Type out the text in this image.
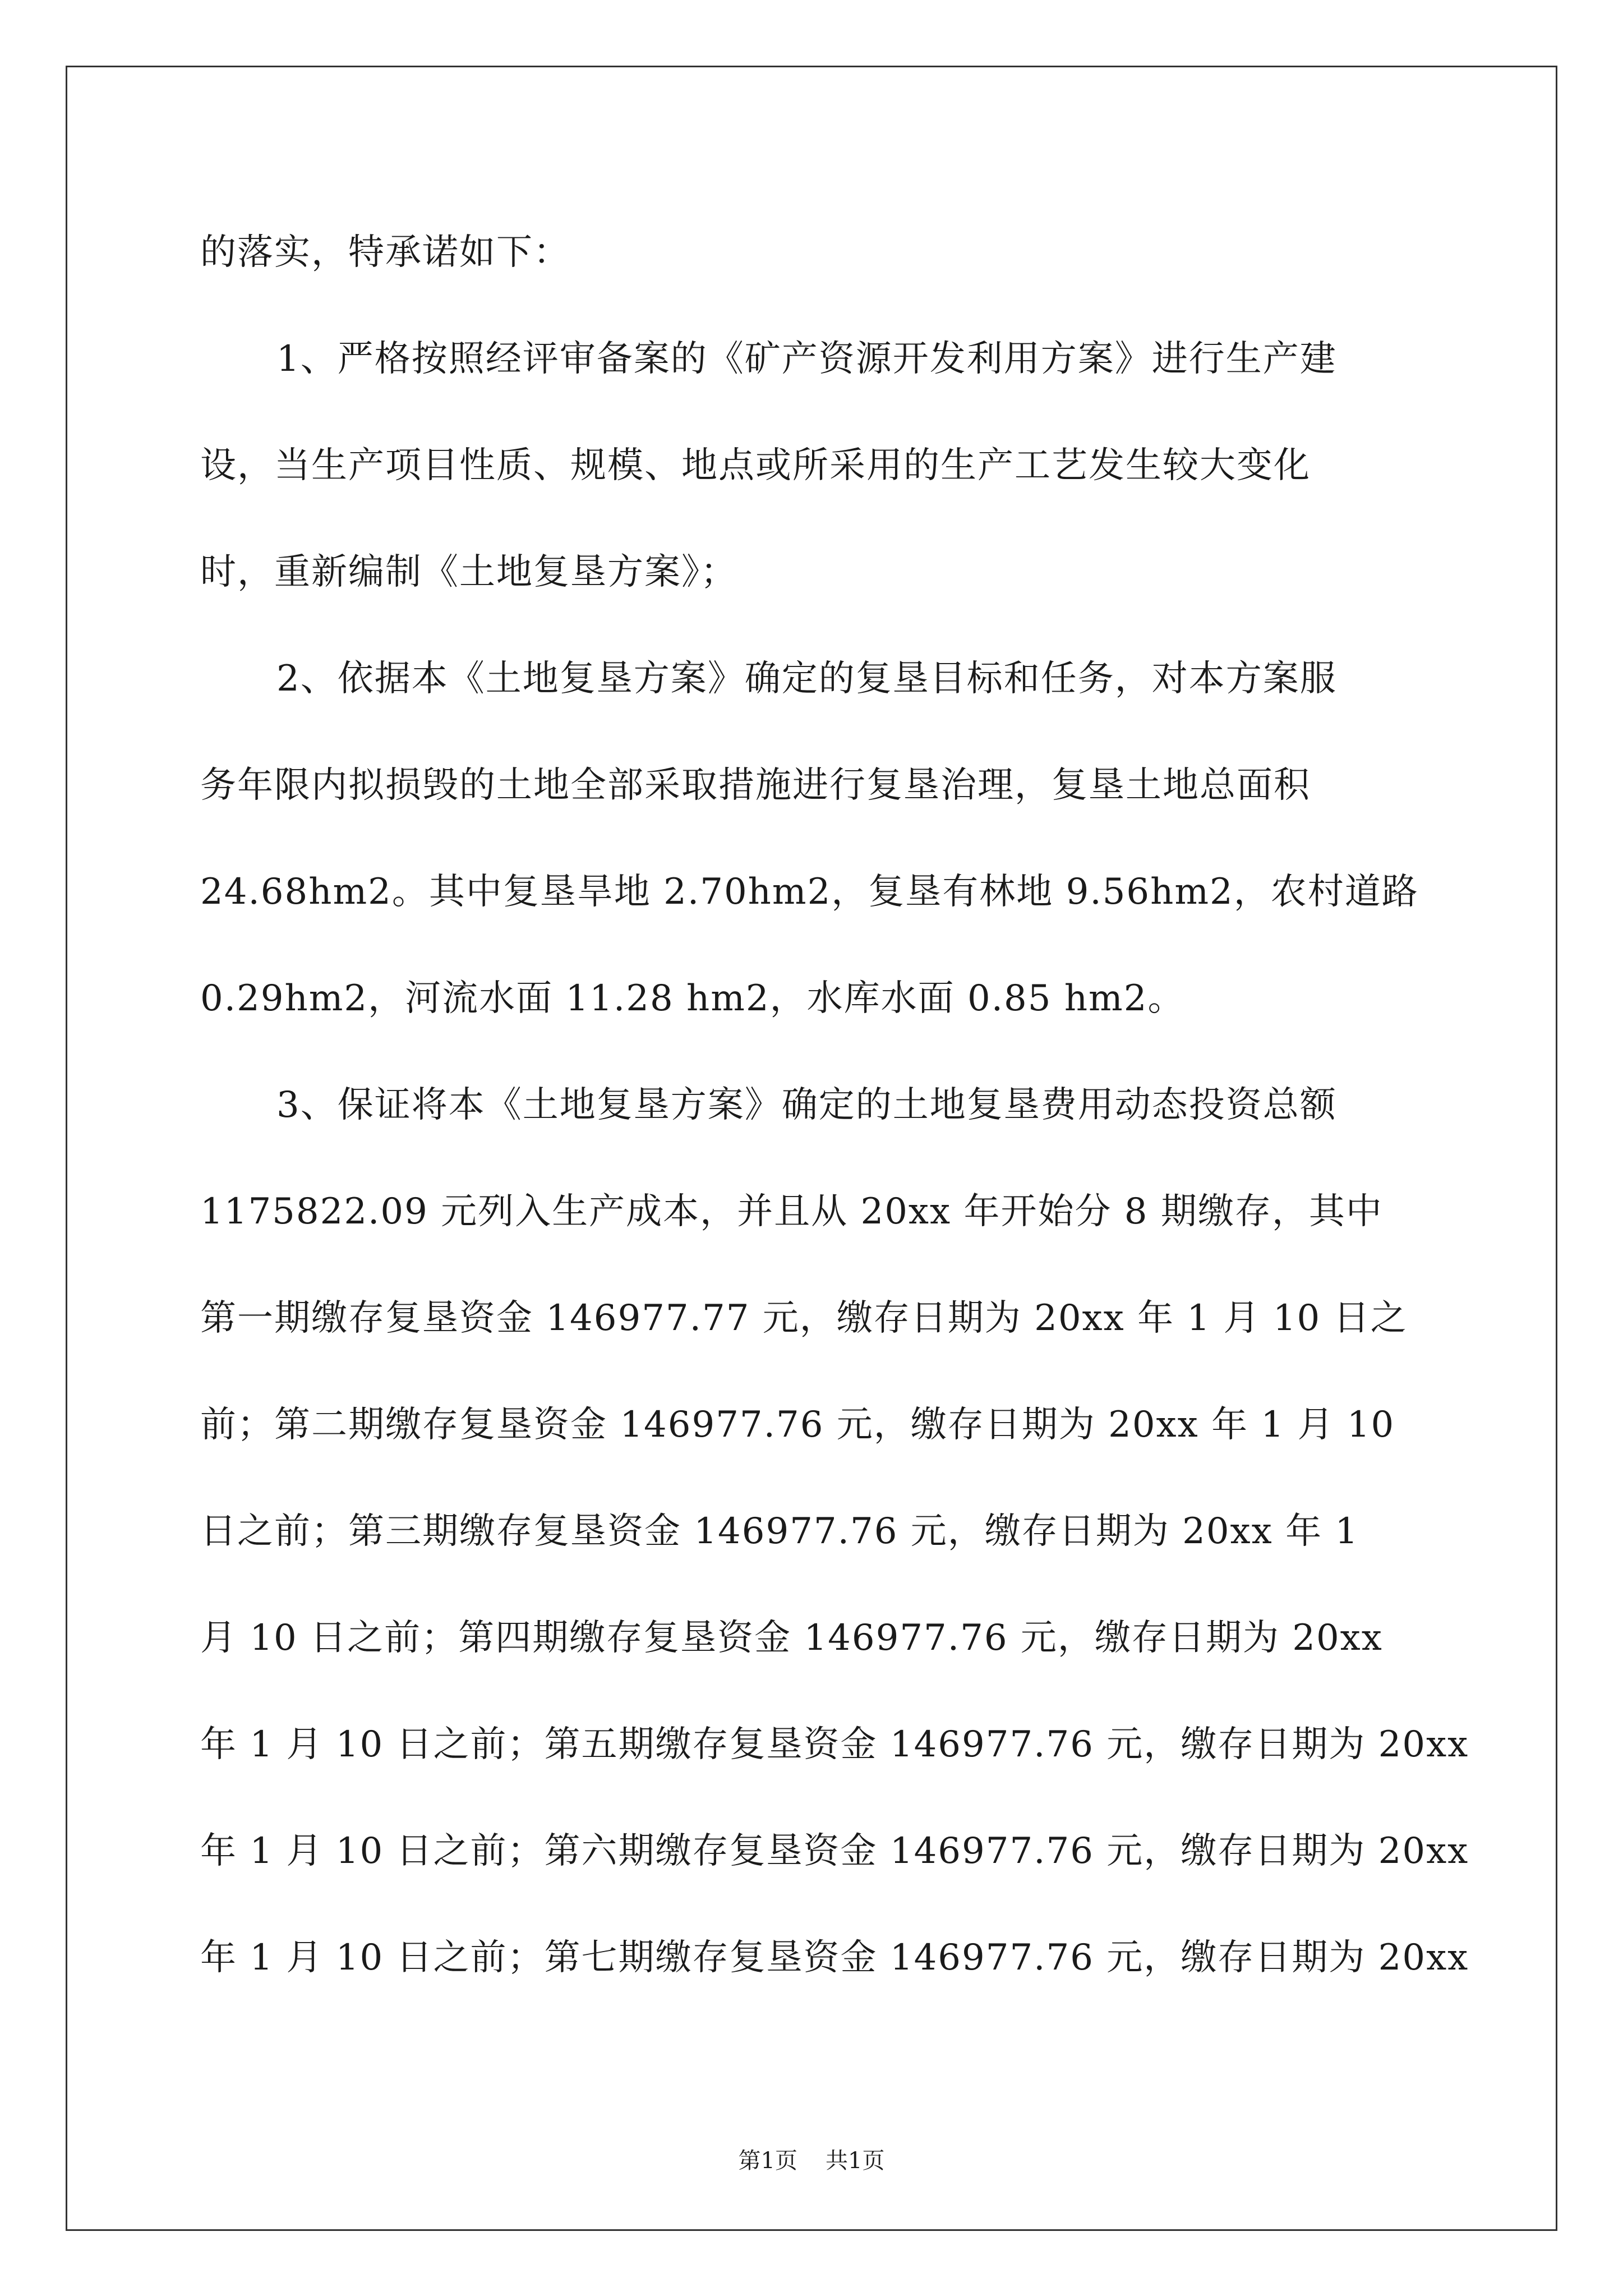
的落实，特承诺如下：
1、严格按照经评审备案的《矿产资源开发利用方案》进行生产建
设，当生产项目性质、规模、地点或所采用的生产工艺发生较大变化
时，重新编制《土地复垦方案》；
2、依据本《土地复垦方案》确定的复垦目标和任务，对本方案服
务年限内拟损毁的土地全部采取措施进行复垦治理，复垦土地总面积
24.68hm2。其中复垦旱地 2.70hm2，复垦有林地 9.56hm2，农村道路
0.29hm2，河流水面 11.28 hm2，水库水面 0.85 hm2。
3、保证将本《土地复垦方案》确定的土地复垦费用动态投资总额
1175822.09 元列入生产成本，并且从 20xx 年开始分 8 期缴存，其中
第一期缴存复垦资金 146977.77 元，缴存日期为 20xx 年 1 月 10 日之
前；第二期缴存复垦资金 146977.76 元，缴存日期为 20xx 年 1 月 10
日之前；第三期缴存复垦资金 146977.76 元，缴存日期为 20xx 年 1
月 10 日之前；第四期缴存复垦资金 146977.76 元，缴存日期为 20xx
年 1 月 10 日之前；第五期缴存复垦资金 146977.76 元，缴存日期为 20xx
年 1 月 10 日之前；第六期缴存复垦资金 146977.76 元，缴存日期为 20xx
年 1 月 10 日之前；第七期缴存复垦资金 146977.76 元，缴存日期为 20xx
第1页 共1页
